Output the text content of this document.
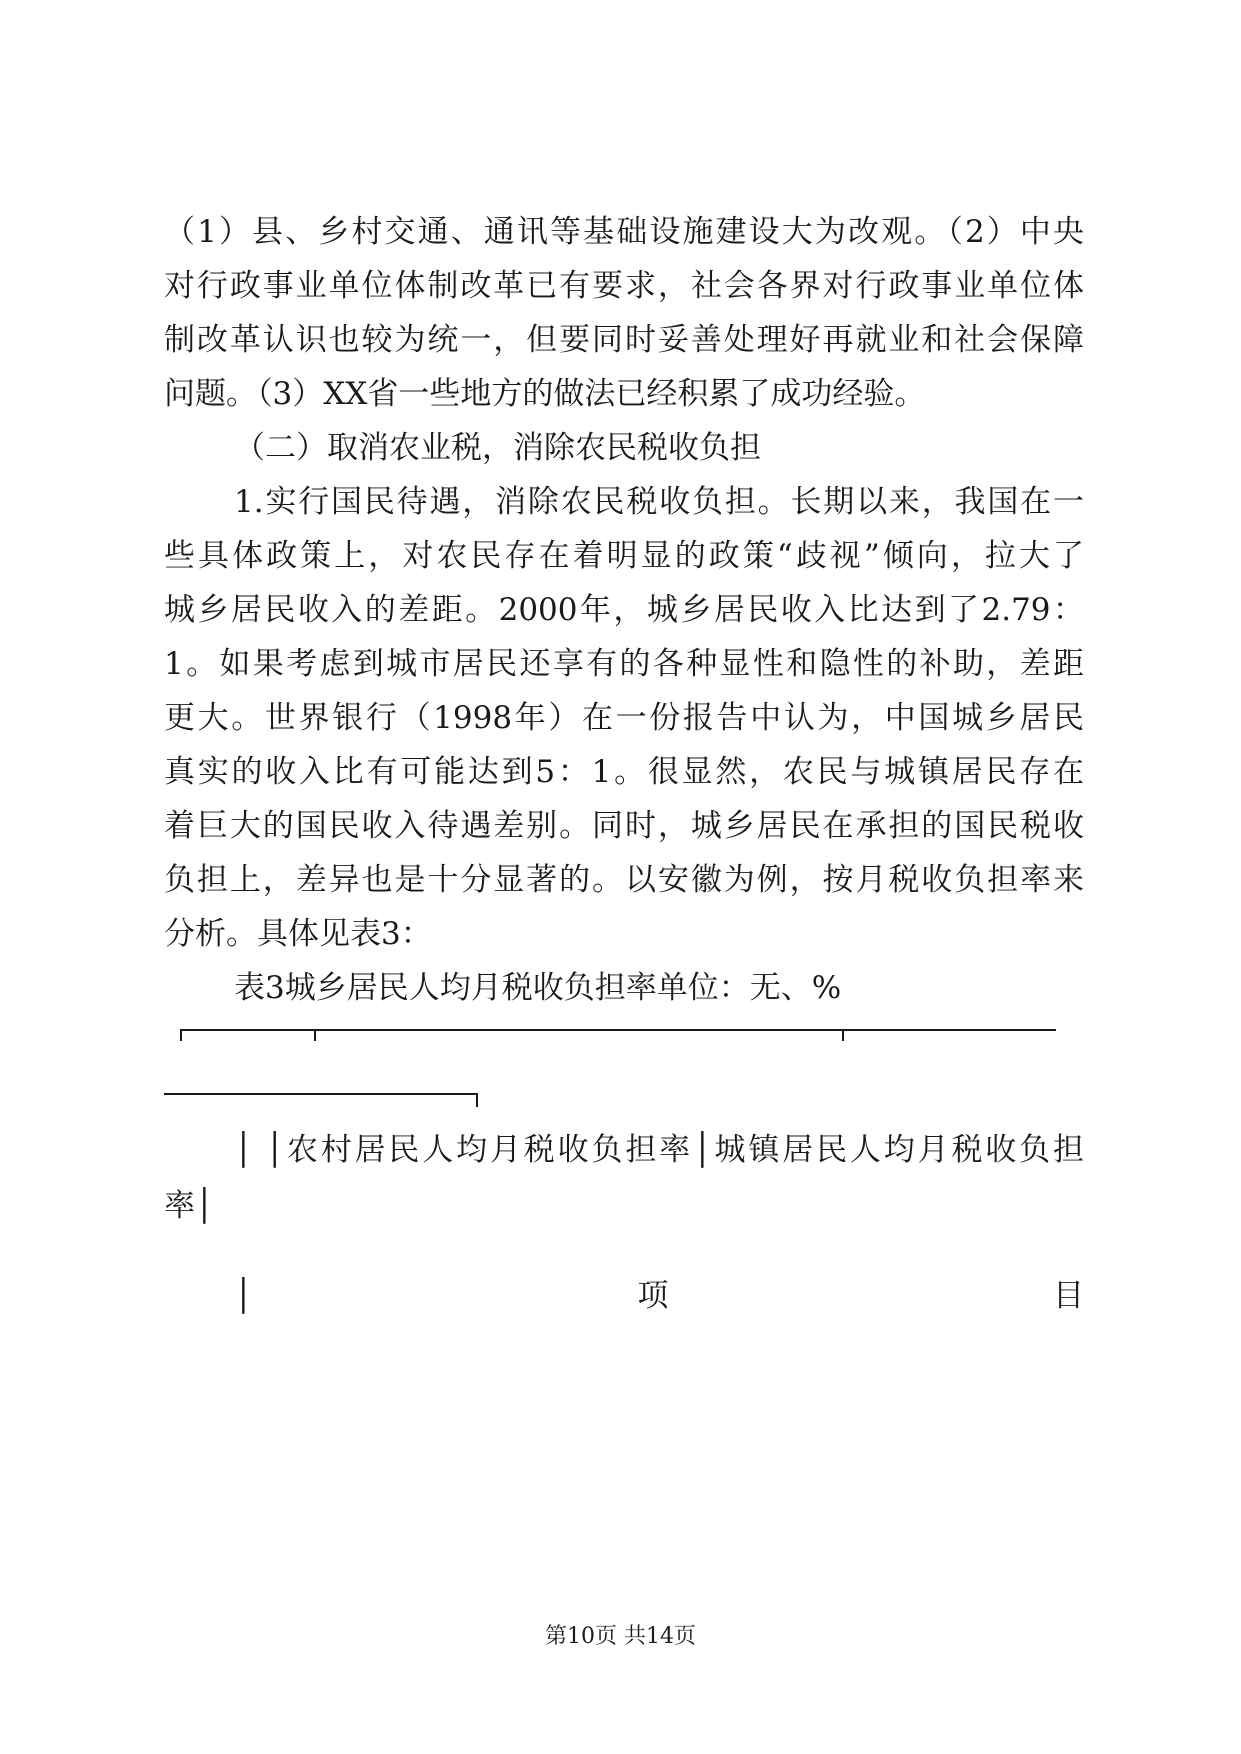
（1）县、乡村交通、通讯等基础设施建设大为改观。（2）中央
对行政事业单位体制改革已有要求，社会各界对行政事业单位体
制改革认识也较为统一，但要同时妥善处理好再就业和社会保障
问题。（3）XX省一些地方的做法已经积累了成功经验。
（二）取消农业税，消除农民税收负担
1.实行国民待遇，消除农民税收负担。长期以来，我国在一
些具体政策上，对农民存在着明显的政策“歧视”倾向，拉大了
城乡居民收入的差距。2000年，城乡居民收入比达到了2.79：
1。如果考虑到城市居民还享有的各种显性和隐性的补助，差距
更大。世界银行（1998年）在一份报告中认为，中国城乡居民
真实的收入比有可能达到5：1。很显然，农民与城镇居民存在
着巨大的国民收入待遇差别。同时，城乡居民在承担的国民税收
负担上，差异也是十分显著的。以安徽为例，按月税收负担率来
分析。具体见表3：
表3城乡居民人均月税收负担率单位：无、%
│ │农村居民人均月税收负担率│城镇居民人均月税收负担
率│
│	项	目
第10页 共14页
